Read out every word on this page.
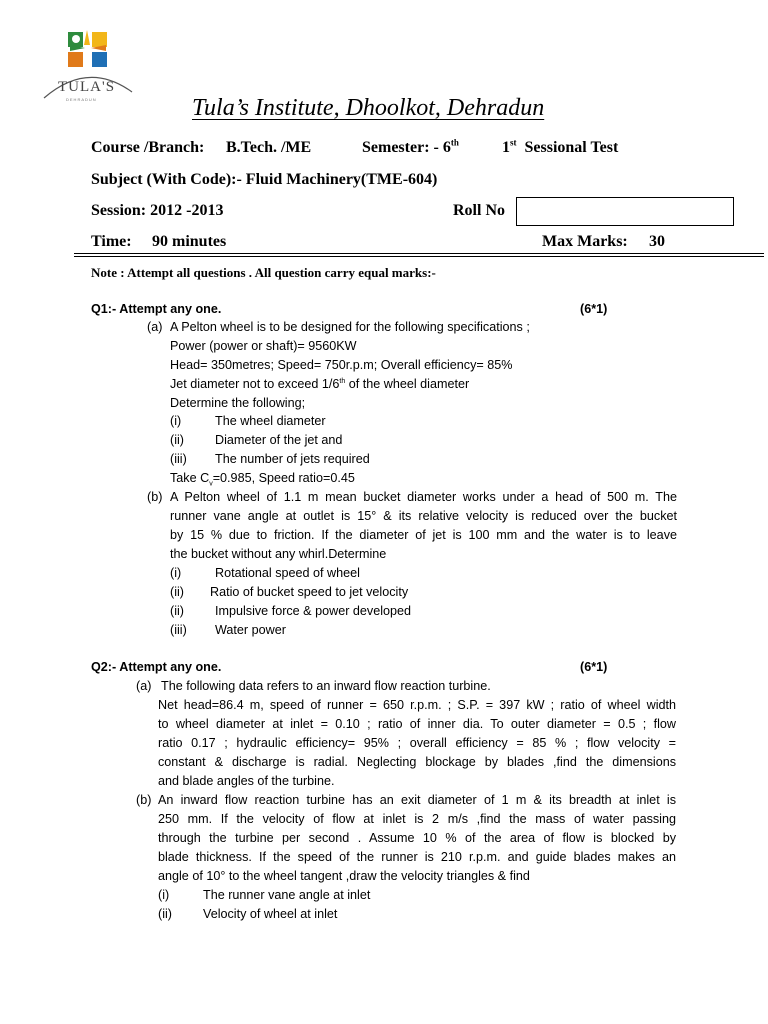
TULA'S
DEHRADUN	Tula’s Institute, Dhoolkot, Dehradun
Course /Branch: B.Tech. /ME	Semester: - 6th	1st Sessional Test
Subject (With Code):- Fluid Machinery(TME-604)
Session: 2012 -2013	Roll No
Time: 90 minutes	Max Marks: 30
Note : Attempt all questions . All question carry equal marks:-
Q1:- Attempt any one.	(6*1)
(a) A Pelton wheel is to be designed for the following specifications ;
Power (power or shaft)= 9560KW
Head= 350metres; Speed= 750r.p.m; Overall efficiency= 85%
Jet diameter not to exceed 1/6th of the wheel diameter
Determine the following;
(i)	The wheel diameter
(ii) Diameter of the jet and
(iii) The number of jets required
Take $C_v=0.985$, Speed ratio=0.45
(b) A Pelton wheel of 1.1 m mean bucket diameter works under a head of 500 m. The
runner vane angle at outlet is 15° & its relative velocity is reduced over the bucket
by 15 % due to friction. If the diameter of jet is 100 mm and the water is to leave
the bucket without any whirl.Determine
(i)	Rotational speed of wheel
(ii) Ratio of bucket speed to jet velocity
(ii) Impulsive force & power developed
(iii) Water power
Q2:- Attempt any one.	(6*1)
(a) The following data refers to an inward flow reaction turbine.
Net head=86.4 m, speed of runner = 650 r.p.m. ; S.P. = 397 kW ; ratio of wheel width
to wheel diameter at inlet = 0.10 ; ratio of inner dia. To outer diameter = 0.5 ; flow
ratio 0.17 ; hydraulic efficiency= 95% ; overall efficiency = 85 % ; flow velocity =
constant & discharge is radial. Neglecting blockage by blades ,find the dimensions
and blade angles of the turbine.
(b) An inward flow reaction turbine has an exit diameter of 1 m & its breadth at inlet is
250 mm. If the velocity of flow at inlet is 2 m/s ,find the mass of water passing
through the turbine per second . Assume 10 % of the area of flow is blocked by
blade thickness. If the speed of the runner is 210 r.p.m. and guide blades makes an
angle of 10° to the wheel tangent ,draw the velocity triangles & find
(i)	The runner vane angle at inlet
(ii) Velocity of wheel at inlet
